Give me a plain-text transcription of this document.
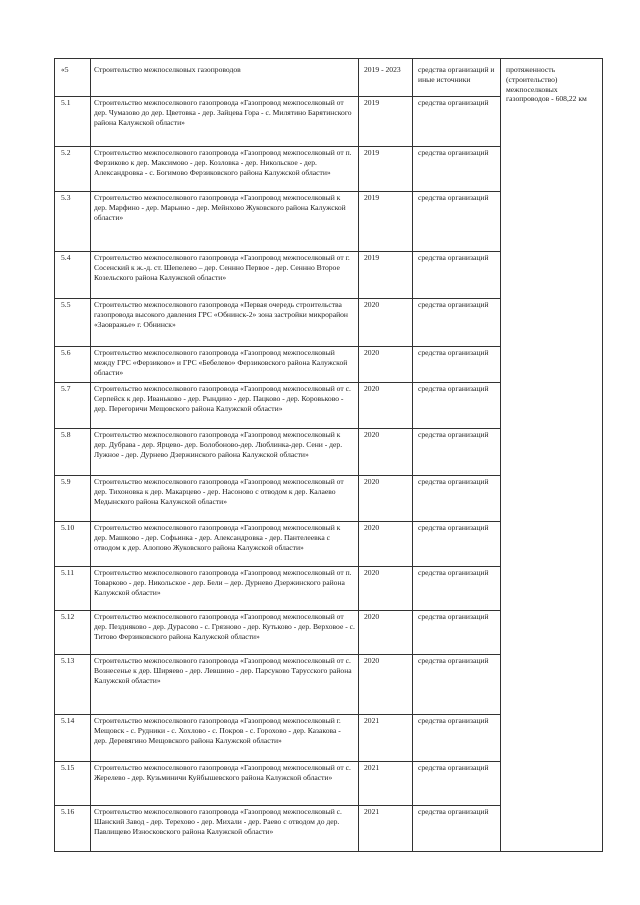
«5	Строительство межпоселковых газопроводов	2019 - 2023	средства организаций и иные источники	протяженность (строительство) межпоселковых газопроводов - 608,22 км
5.1	Строительство межпоселкового газопровода «Газопровод межпоселковый от дер. Чумазово до дер. Цветовка - дер. Зайцева Гора - с. Милятино Барятинского района Калужской области»	2019	средства организаций	
5.2	Строительство межпоселкового газопровода «Газопровод межпоселковый от п. Ферзиково к дер. Максимово - дер. Козловка - дер. Никольское - дер. Александровка - с. Богимово Ферзиковского района Калужской области»	2019	средства организаций	
5.3	Строительство межпоселкового газопровода «Газопровод межпоселковый к дер. Марфино - дер. Марьино - дер. Мейнхово Жуковского района Калужской области»	2019	средства организаций	
5.4	Строительство межпоселкового газопровода «Газопровод межпоселковый от г. Сосенский к ж.-д. ст. Шепелево – дер. Сеннно Первое - дер. Сеннно Второе Козельского района Калужской области»	2019	средства организаций	
5.5	Строительство межпоселкового газопровода «Первая очередь строительства газопровода высокого давления ГРС «Обнинск-2» зона застройки микрорайон «Заовражье» г. Обнинск»	2020	средства организаций	
5.6	Строительство межпоселкового газопровода «Газопровод межпоселковый между ГРС «Ферзиково» и ГРС «Бебелево» Ферзиковского района Калужской области»	2020	средства организаций	
5.7	Строительство межпоселкового газопровода «Газопровод межпоселковый от с. Серпейск к дер. Иваньково - дер. Рындино - дер. Пацково - дер. Коровьково - дер. Перегоричи Мещовского района Калужской области»	2020	средства организаций	
5.8	Строительство межпоселкового газопровода «Газопровод межпоселковый к дер. Дубрава - дер. Ярцево- дер. Болобоново-дер. Люблинка-дер. Сени - дер. Лужное - дер. Дурнево Дзержинского района Калужской области»	2020	средства организаций	
5.9	Строительство межпоселкового газопровода «Газопровод межпоселковый от дер. Тихоновка к дер. Макарцево - дер. Насоново с отводом к дер. Калаево Медынского района Калужской области»	2020	средства организаций	
5.10	Строительство межпоселкового газопровода «Газопровод межпоселковый к дер. Машково - дер. Софьинка - дер. Александровка - дер. Пантелеевка с отводом к дер. Алопово Жуковского района Калужской области»	2020	средства организаций	
5.11	Строительство межпоселкового газопровода «Газопровод межпоселковый от п. Товарково - дер. Никольское - дер. Бели – дер. Дурнево Дзержинского района Калужской области»	2020	средства организаций	
5.12	Строительство межпоселкового газопровода «Газопровод межпоселковый от дер. Пездняково - дер. Дурасово - с. Грязново - дер. Кутьково - дер. Верховое - с. Титово Ферзиковского района Калужской области»	2020	средства организаций	
5.13	Строительство межпоселкового газопровода «Газопровод межпоселковый от с. Вознесенье к дер. Ширяево - дер. Левшино - дер. Парсуково Тарусского района Калужской области»	2020	средства организаций	
5.14	Строительство межпоселкового газопровода «Газопровод межпоселковый г. Мещовск - с. Рудники - с. Хохлово - с. Покров - с. Горохово - дер. Казакова - дер. Деревягино Мещовского района Калужской области»	2021	средства организаций	
5.15	Строительство межпоселкового газопровода «Газопровод межпоселковый от с. Жерелево - дер. Кузьминичи Куйбышевского района Калужской области»	2021	средства организаций	
5.16	Строительство межпоселкового газопровода «Газопровод межпоселковый с. Шанский Завод - дер. Терехово - дер. Михали - дер. Раево с отводом до дер. Павлищево Износковского района Калужской области»	2021	средства организаций	
